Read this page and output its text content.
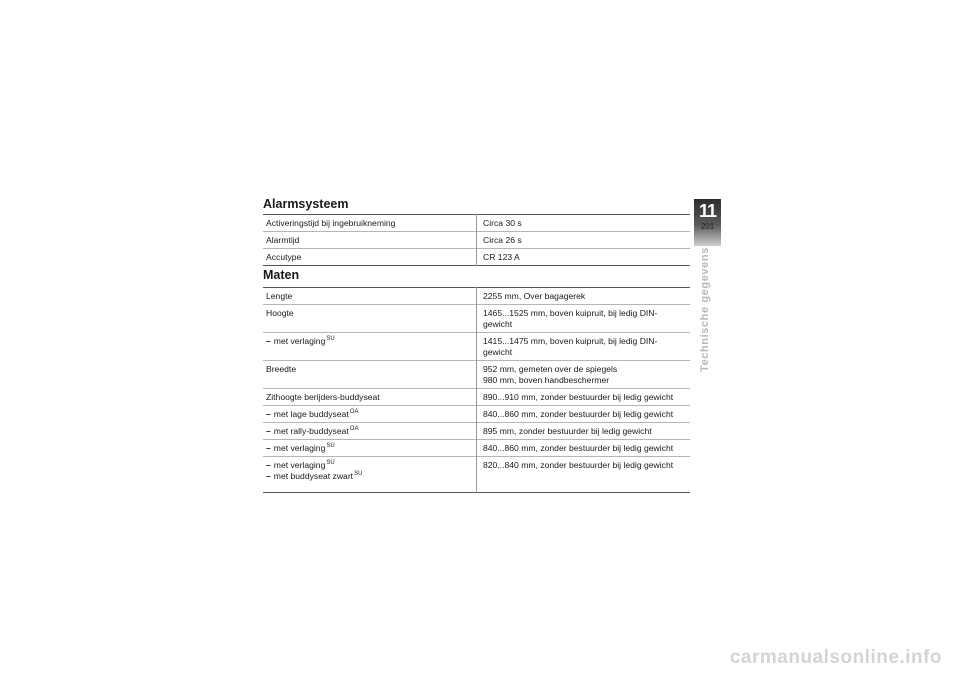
Alarmsysteem
Activeringstijd bij ingebruikneming	Circa 30 s
Alarmtijd	Circa 26 s
Accutype	CR 123 A
Maten
Lengte	2255 mm, Over bagagerek
Hoogte	1465...1525 mm, boven kuipruit, bij ledig DIN-gewicht
– met verlaging$^{SU}$	1415...1475 mm, boven kuipruit, bij ledig DIN-gewicht
Breedte	952 mm, gemeten over de spiegels
980 mm, boven handbeschermer

Zithoogte berijders-buddyseat	890...910 mm, zonder bestuurder bij ledig gewicht
– met lage buddyseat$^{OA}$	840...860 mm, zonder bestuurder bij ledig gewicht
– met rally-buddyseat$^{OA}$	895 mm, zonder bestuurder bij ledig gewicht
– met verlaging$^{SU}$	840...860 mm, zonder bestuurder bij ledig gewicht

– met verlaging$^{SU}$
– met buddyseat zwart$^{SU}$	820...840 mm, zonder bestuurder bij ledig gewicht
11
201
Technische gegevens
carmanualsonline.info
